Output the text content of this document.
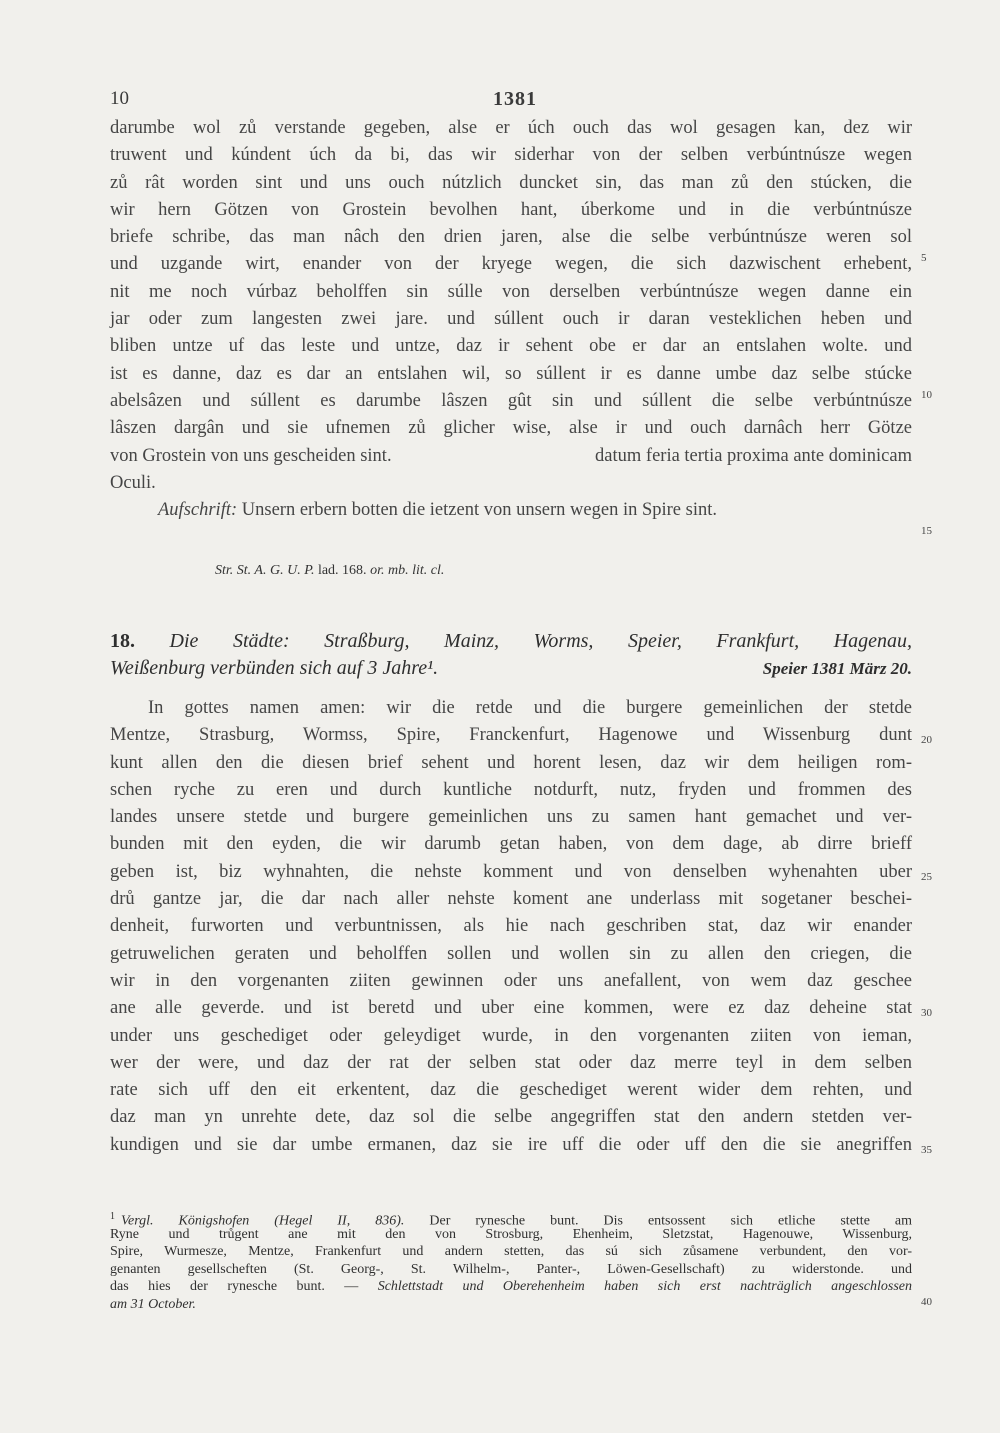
10	1381
darumbe wol zů verstande gegeben, alse er úch ouch das wol gesagen kan, dez wir
truwent und kúndent úch da bi, das wir siderhar von der selben verbúntnúsze wegen
zů rât worden sint und uns ouch nútzlich duncket sin, das man zů den stúcken, die
wir hern Götzen von Grostein bevolhen hant, úberkome und in die verbúntnúsze
briefe schribe, das man nâch den drien jaren, alse die selbe verbúntnúsze weren sol
und uzgande wirt, enander von der kryege wegen, die sich dazwischent erhebent,
nit me noch vúrbaz beholffen sin súlle von derselben verbúntnúsze wegen danne ein
jar oder zum langesten zwei jare. und súllent ouch ir daran vesteklichen heben und
bliben untze uf das leste und untze, daz ir sehent obe er dar an entslahen wolte. und
ist es danne, daz es dar an entslahen wil, so súllent ir es danne umbe daz selbe stúcke
abelsâzen und súllent es darumbe lâszen gût sin und súllent die selbe verbúntnúsze
lâszen dargân und sie ufnemen zů glicher wise, alse ir und ouch darnâch herr Götze
von Grostein von uns gescheiden sint.	datum feria tertia proxima ante dominicam
Oculi.
Aufschrift: Unsern erbern botten die ietzent von unsern wegen in Spire sint.
Str. St. A. G. U. P. lad. 168. or. mb. lit. cl.
18. Die Städte: Straßburg, Mainz, Worms, Speier, Frankfurt, Hagenau,
Weißenburg verbünden sich auf 3 Jahre¹.	Speier 1381 März 20.
In gottes namen amen: wir die retde und die burgere gemeinlichen der stetde
Mentze, Strasburg, Wormss, Spire, Franckenfurt, Hagenowe und Wissenburg dunt
kunt allen den die diesen brief sehent und horent lesen, daz wir dem heiligen rom-
schen ryche zu eren und durch kuntliche notdurft, nutz, fryden und frommen des
landes unsere stetde und burgere gemeinlichen uns zu samen hant gemachet und ver-
bunden mit den eyden, die wir darumb getan haben, von dem dage, ab dirre brieff
geben ist, biz wyhnahten, die nehste komment und von denselben wyhenahten uber
drů gantze jar, die dar nach aller nehste koment ane underlass mit sogetaner beschei-
denheit, furworten und verbuntnissen, als hie nach geschriben stat, daz wir enander
getruwelichen geraten und beholffen sollen und wollen sin zu allen den criegen, die
wir in den vorgenanten ziiten gewinnen oder uns anefallent, von wem daz geschee
ane alle geverde. und ist beretd und uber eine kommen, were ez daz deheine stat
under uns geschediget oder geleydiget wurde, in den vorgenanten ziiten von ieman,
wer der were, und daz der rat der selben stat oder daz merre teyl in dem selben
rate sich uff den eit erkentent, daz die geschediget werent wider dem rehten, und
daz man yn unrehte dete, daz sol die selbe angegriffen stat den andern stetden ver-
kundigen und sie dar umbe ermanen, daz sie ire uff die oder uff den die sie anegriffen
5
10
15
20
25
30
35
40
$^1$ Vergl. Königshofen (Hegel II, 836). Der rynesche bunt. Dis entsossent sich etliche stette am
Ryne und trůgent ane mit den von Strosburg, Ehenheim, Sletzstat, Hagenouwe, Wissenburg,
Spire, Wurmesze, Mentze, Frankenfurt und andern stetten, das sú sich zůsamene verbundent, den vor-
genanten gesellscheften (St. Georg-, St. Wilhelm-, Panter-, Löwen-Gesellschaft) zu widerstonde. und
das hies der rynesche bunt. — Schlettstadt und Oberehenheim haben sich erst nachträglich angeschlossen
am 31 October.
